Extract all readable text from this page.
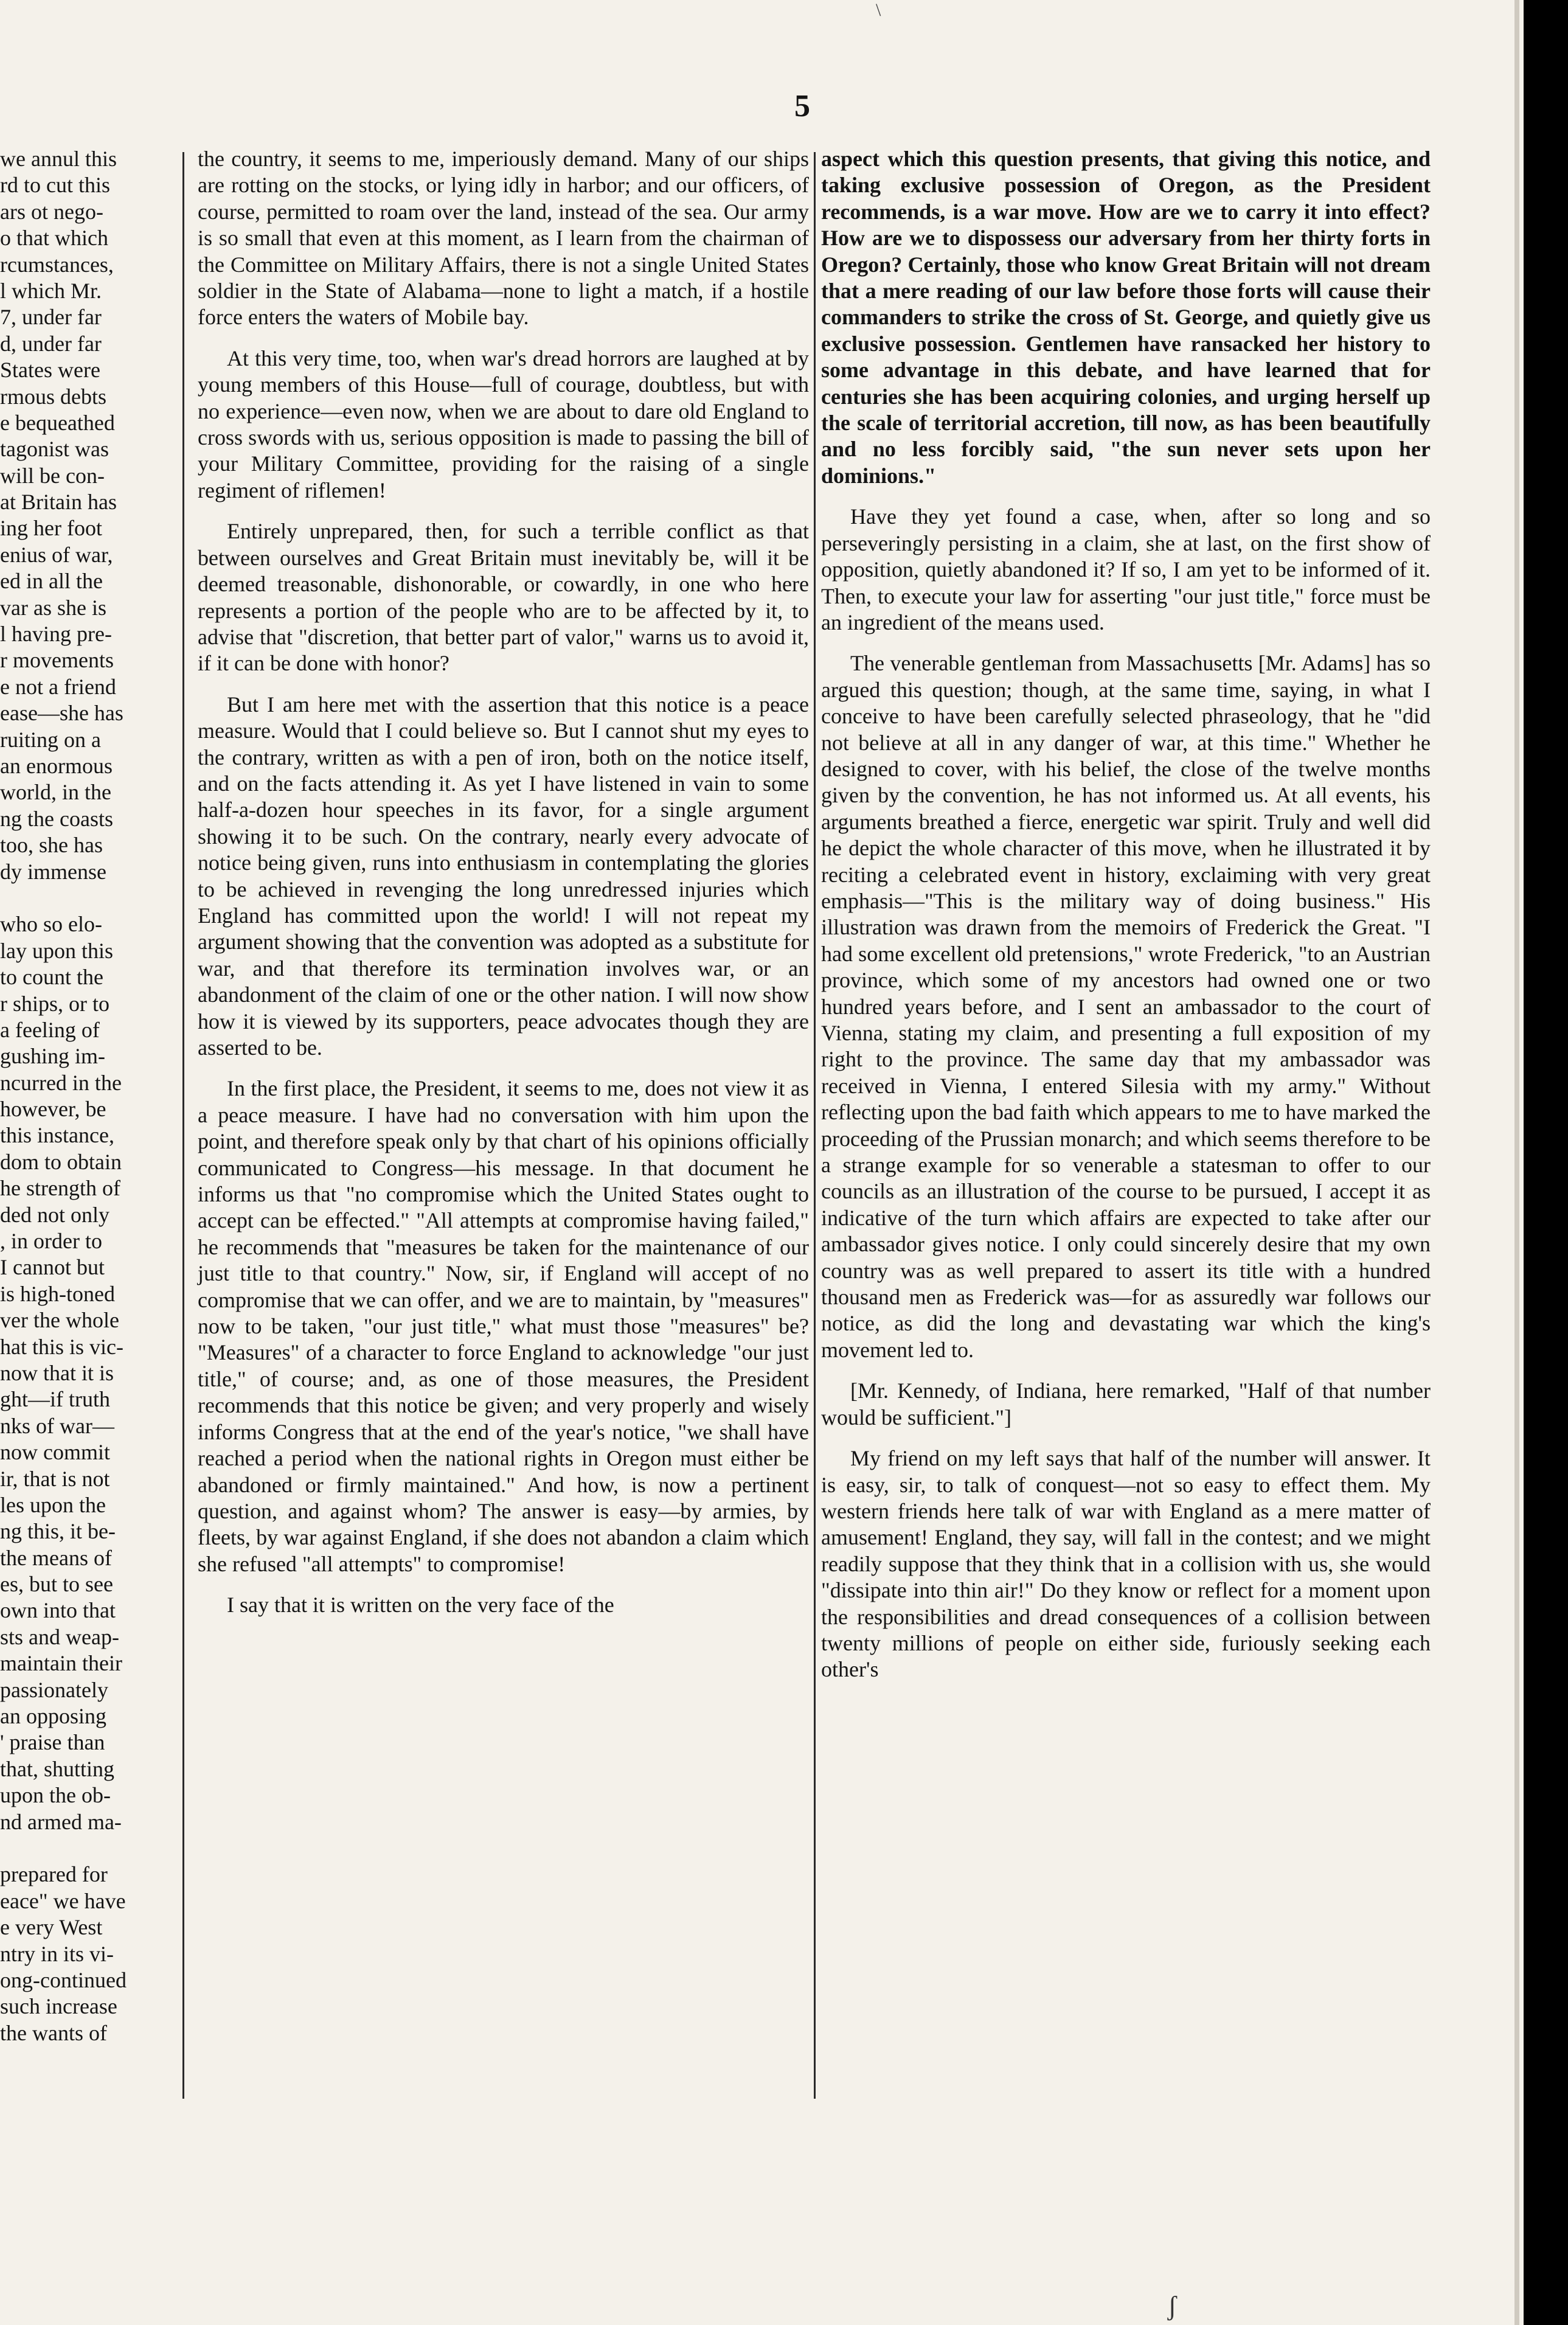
\
5
we annul this
rd to cut this
ars ot nego-
o that which
rcumstances,
l which Mr.
7, under far
d, under far
States were
rmous debts
e bequeathed
tagonist was
will be con-
at Britain has
ing her foot
enius of war,
ed in all the
var as she is
l having pre-
r movements
e not a friend
ease—she has
ruiting on a
an enormous
world, in the
ng the coasts
too, she has
dy immense
who so elo-
lay upon this
to count the
r ships, or to
a feeling of
gushing im-
ncurred in the
however, be
this instance,
dom to obtain
he strength of
ded not only
, in order to
I cannot but
is high-toned
ver the whole
hat this is vic-
now that it is
ght—if truth
nks of war—
now commit
ir, that is not
les upon the
ng this, it be-
the means of
es, but to see
own into that
sts and weap-
maintain their
passionately
an opposing
' praise than
that, shutting
upon the ob-
nd armed ma-
prepared for
eace" we have
e very West
ntry in its vi-
ong-continued
such increase
the wants of

the country, it seems to me, imperiously demand. Many of our ships are rotting on the stocks, or lying idly in harbor; and our officers, of course, permitted to roam over the land, instead of the sea. Our army is so small that even at this moment, as I learn from the chairman of the Committee on Military Affairs, there is not a single United States soldier in the State of Alabama—none to light a match, if a hostile force enters the waters of Mobile bay.

At this very time, too, when war's dread horrors are laughed at by young members of this House—full of courage, doubtless, but with no experience—even now, when we are about to dare old England to cross swords with us, serious opposition is made to passing the bill of your Military Committee, providing for the raising of a single regiment of riflemen!

Entirely unprepared, then, for such a terrible conflict as that between ourselves and Great Britain must inevitably be, will it be deemed treasonable, dishonorable, or cowardly, in one who here represents a portion of the people who are to be affected by it, to advise that "discretion, that better part of valor," warns us to avoid it, if it can be done with honor?

But I am here met with the assertion that this notice is a peace measure. Would that I could believe so. But I cannot shut my eyes to the contrary, written as with a pen of iron, both on the notice itself, and on the facts attending it. As yet I have listened in vain to some half-a-dozen hour speeches in its favor, for a single argument showing it to be such. On the contrary, nearly every advocate of notice being given, runs into enthusiasm in contemplating the glories to be achieved in revenging the long unredressed injuries which England has committed upon the world! I will not repeat my argument showing that the convention was adopted as a substitute for war, and that therefore its termination involves war, or an abandonment of the claim of one or the other nation. I will now show how it is viewed by its supporters, peace advocates though they are asserted to be.

In the first place, the President, it seems to me, does not view it as a peace measure. I have had no conversation with him upon the point, and therefore speak only by that chart of his opinions officially communicated to Congress—his message. In that document he informs us that "no compromise which the United States ought to accept can be effected." "All attempts at compromise having failed," he recommends that "measures be taken for the maintenance of our just title to that country." Now, sir, if England will accept of no compromise that we can offer, and we are to maintain, by "measures" now to be taken, "our just title," what must those "measures" be? "Measures" of a character to force England to acknowledge "our just title," of course; and, as one of those measures, the President recommends that this notice be given; and very properly and wisely informs Congress that at the end of the year's notice, "we shall have reached a period when the national rights in Oregon must either be abandoned or firmly maintained." And how, is now a pertinent question, and against whom? The answer is easy—by armies, by fleets, by war against England, if she does not abandon a claim which she refused "all attempts" to compromise!

I say that it is written on the very face of the

aspect which this question presents, that giving this notice, and taking exclusive possession of Oregon, as the President recommends, is a war move. How are we to carry it into effect? How are we to dispossess our adversary from her thirty forts in Oregon? Certainly, those who know Great Britain will not dream that a mere reading of our law before those forts will cause their commanders to strike the cross of St. George, and quietly give us exclusive possession. Gentlemen have ransacked her history to some advantage in this debate, and have learned that for centuries she has been acquiring colonies, and urging herself up the scale of territorial accretion, till now, as has been beautifully and no less forcibly said, "the sun never sets upon her dominions."

Have they yet found a case, when, after so long and so perseveringly persisting in a claim, she at last, on the first show of opposition, quietly abandoned it? If so, I am yet to be informed of it. Then, to execute your law for asserting "our just title," force must be an ingredient of the means used.

The venerable gentleman from Massachusetts [Mr. Adams] has so argued this question; though, at the same time, saying, in what I conceive to have been carefully selected phraseology, that he "did not believe at all in any danger of war, at this time." Whether he designed to cover, with his belief, the close of the twelve months given by the convention, he has not informed us. At all events, his arguments breathed a fierce, energetic war spirit. Truly and well did he depict the whole character of this move, when he illustrated it by reciting a celebrated event in history, exclaiming with very great emphasis—"This is the military way of doing business." His illustration was drawn from the memoirs of Frederick the Great. "I had some excellent old pretensions," wrote Frederick, "to an Austrian province, which some of my ancestors had owned one or two hundred years before, and I sent an ambassador to the court of Vienna, stating my claim, and presenting a full exposition of my right to the province. The same day that my ambassador was received in Vienna, I entered Silesia with my army." Without reflecting upon the bad faith which appears to me to have marked the proceeding of the Prussian monarch; and which seems therefore to be a strange example for so venerable a statesman to offer to our councils as an illustration of the course to be pursued, I accept it as indicative of the turn which affairs are expected to take after our ambassador gives notice. I only could sincerely desire that my own country was as well prepared to assert its title with a hundred thousand men as Frederick was—for as assuredly war follows our notice, as did the long and devastating war which the king's movement led to.

[Mr. Kennedy, of Indiana, here remarked, "Half of that number would be sufficient."]

My friend on my left says that half of the number will answer. It is easy, sir, to talk of conquest—not so easy to effect them. My western friends here talk of war with England as a mere matter of amusement! England, they say, will fall in the contest; and we might readily suppose that they think that in a collision with us, she would "dissipate into thin air!" Do they know or reflect for a moment upon the responsibilities and dread consequences of a collision between twenty millions of people on either side, furiously seeking each other's

ʃ
